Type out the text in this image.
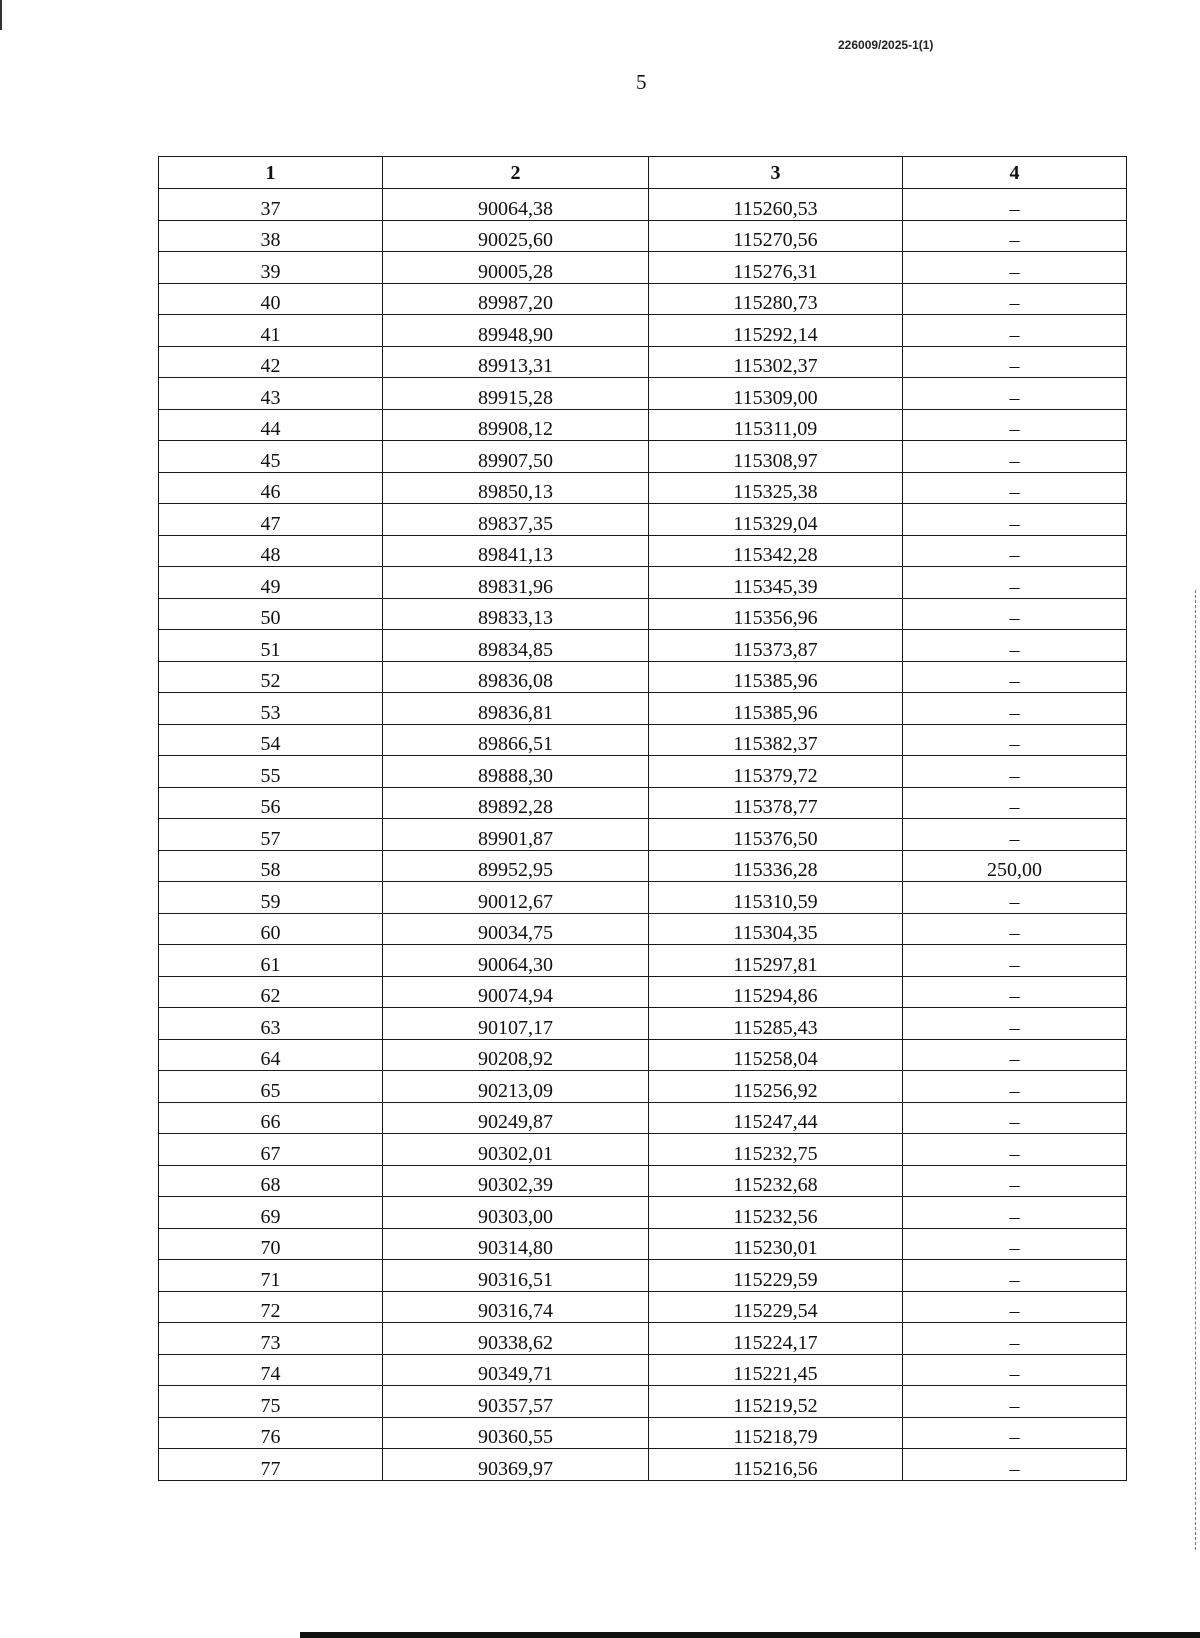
226009/2025-1(1)
5
1	2	3	4
37	90064,38	115260,53	–
38	90025,60	115270,56	–
39	90005,28	115276,31	–
40	89987,20	115280,73	–
41	89948,90	115292,14	–
42	89913,31	115302,37	–
43	89915,28	115309,00	–
44	89908,12	115311,09	–
45	89907,50	115308,97	–
46	89850,13	115325,38	–
47	89837,35	115329,04	–
48	89841,13	115342,28	–
49	89831,96	115345,39	–
50	89833,13	115356,96	–
51	89834,85	115373,87	–
52	89836,08	115385,96	–
53	89836,81	115385,96	–
54	89866,51	115382,37	–
55	89888,30	115379,72	–
56	89892,28	115378,77	–
57	89901,87	115376,50	–
58	89952,95	115336,28	250,00
59	90012,67	115310,59	–
60	90034,75	115304,35	–
61	90064,30	115297,81	–
62	90074,94	115294,86	–
63	90107,17	115285,43	–
64	90208,92	115258,04	–
65	90213,09	115256,92	–
66	90249,87	115247,44	–
67	90302,01	115232,75	–
68	90302,39	115232,68	–
69	90303,00	115232,56	–
70	90314,80	115230,01	–
71	90316,51	115229,59	–
72	90316,74	115229,54	–
73	90338,62	115224,17	–
74	90349,71	115221,45	–
75	90357,57	115219,52	–
76	90360,55	115218,79	–
77	90369,97	115216,56	–
